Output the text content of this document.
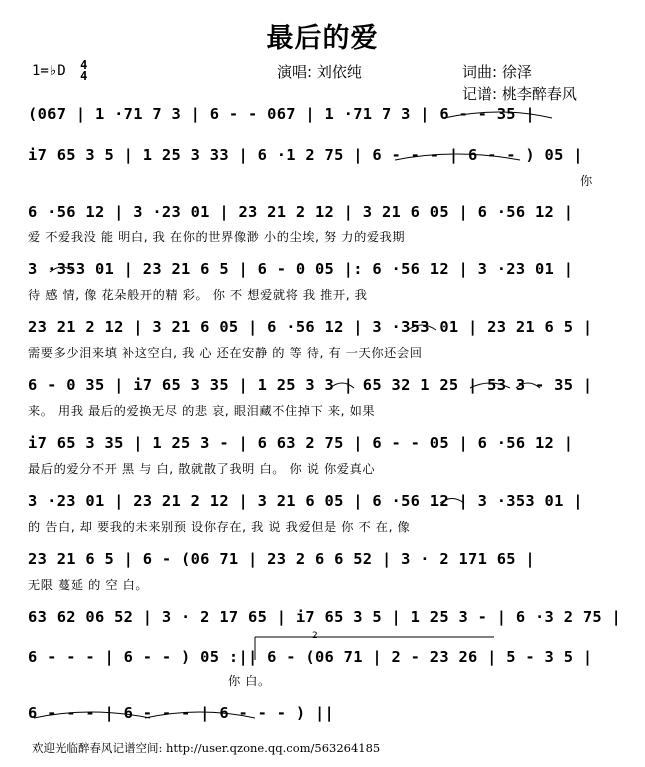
最后的爱
1=♭D 4
4	演唱: 刘依纯	词曲: 徐泽
记谱: 桃李醉春风
(067 | 1 ·71 7 3 | 6 - - 067 | 1 ·71 7 3 | 6 - - 35 |
i7 65 3 5 | 1 25 3 33 | 6 ·1 2 75 | 6 - - - | 6 - - ) 05 |
你
6 ·56 12 | 3 ·23 01 | 23 21 2 12 | 3 21 6 05 | 6 ·56 12 |
爱 不爱我没 能 明白, 我 在你的世界像渺 小的尘埃, 努 力的爱我期
3 ·353 01 | 23 21 6 5 | 6 - 0 05 |: 6 ·56 12 | 3 ·23 01 |
待 感 情, 像 花朵般开的精 彩。 你 不 想爱就将 我 推开, 我
23 21 2 12 | 3 21 6 05 | 6 ·56 12 | 3 ·353 01 | 23 21 6 5 |
需要多少泪来填 补这空白, 我 心 还在安静 的 等 待, 有 一天你还会回
6 - 0 35 | i7 65 3 35 | 1 25 3 3 | 65 32 1 25 | 53 3 - 35 |
来。 用我 最后的爱换无尽 的悲 哀, 眼泪藏不住掉下 来, 如果
i7 65 3 35 | 1 25 3 - | 6 63 2 75 | 6 - - 05 | 6 ·56 12 |
最后的爱分不开 黑 与 白, 散就散了我明 白。 你 说 你爱真心
3 ·23 01 | 23 21 2 12 | 3 21 6 05 | 6 ·56 12 | 3 ·353 01 |
的 告白, 却 要我的未来别预 设你存在, 我 说 我爱但是 你 不 在, 像
23 21 6 5 | 6 - (06 71 | 23 2 6 6 52 | 3 · 2 171 65 |
无限 蔓延 的 空 白。
63 62 06 52 | 3 · 2 17 65 | i7 65 3 5 | 1 25 3 - | 6 ·3 2 75 |
6 - - - | 6 - - ) 05 :|| 6 - (06 71 | 2 - 23 26 | 5 - 3 5 |
你 白。
6 - - - | 6 - - - | 6 - - - ) ||
2
欢迎光临醉春风记谱空间: http://user.qzone.qq.com/563264185
